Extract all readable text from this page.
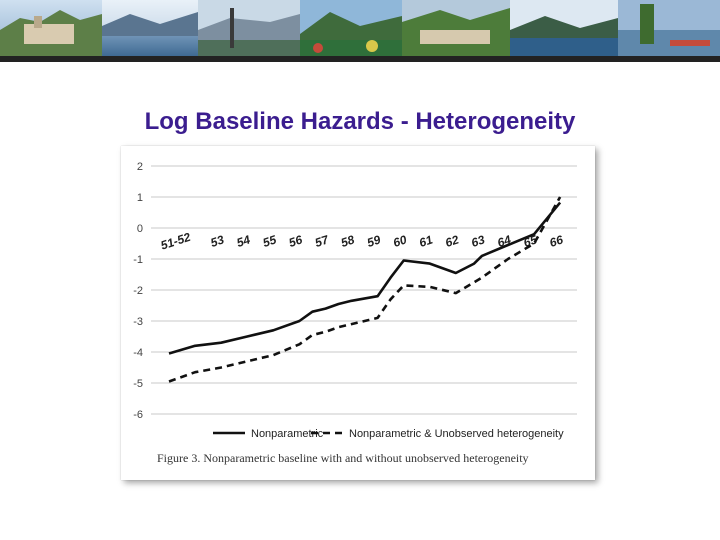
Log Baseline Hazards - Heterogeneity
2
1
0
-1
-2
-3
-4
-5
-6
51-52 53 54 55 56 57 58 59 60 61 62 63 64 65 66
Nonparametric Nonparametric & Unobserved heterogeneity
Figure 3. Nonparametric baseline with and without unobserved heterogeneity
